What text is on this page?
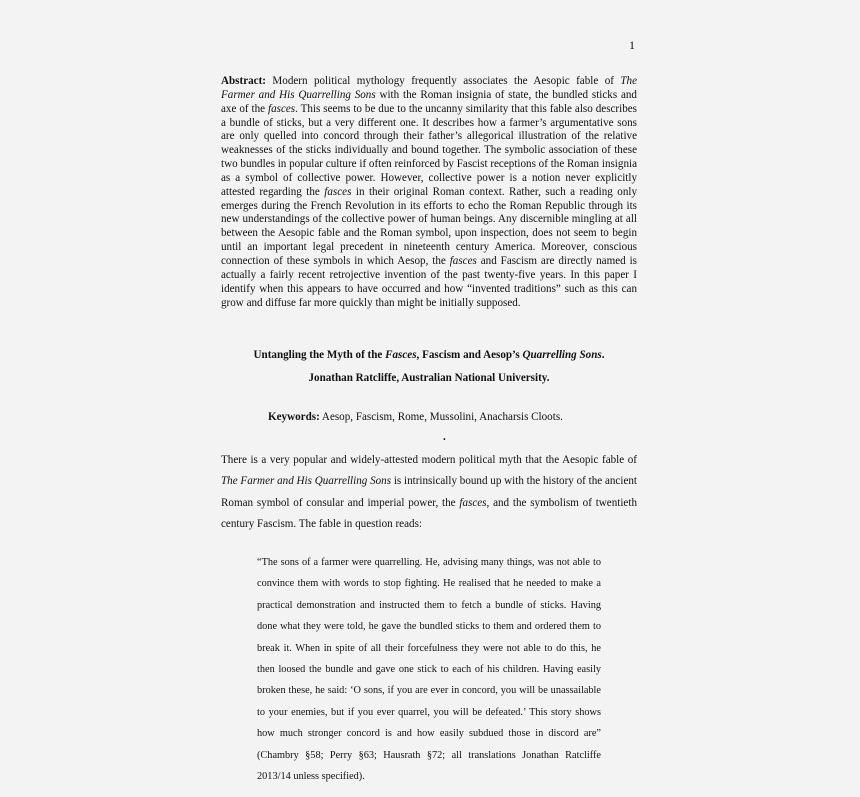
1

Abstract: Modern political mythology frequently associates the Aesopic fable of The Farmer and His Quarrelling Sons with the Roman insignia of state, the bundled sticks and axe of the fasces. This seems to be due to the uncanny similarity that this fable also describes a bundle of sticks, but a very different one. It describes how a farmer’s argumentative sons are only quelled into concord through their father’s allegorical illustration of the relative weaknesses of the sticks individually and bound together. The symbolic association of these two bundles in popular culture if often reinforced by Fascist receptions of the Roman insignia as a symbol of collective power. However, collective power is a notion never explicitly attested regarding the fasces in their original Roman context. Rather, such a reading only emerges during the French Revolution in its efforts to echo the Roman Republic through its new understandings of the collective power of human beings. Any discernible mingling at all between the Aesopic fable and the Roman symbol, upon inspection, does not seem to begin until an important legal precedent in nineteenth century America. Moreover, conscious connection of these symbols in which Aesop, the fasces and Fascism are directly named is actually a fairly recent retrojective invention of the past twenty-five years. In this paper I identify when this appears to have occurred and how “invented traditions” such as this can grow and diffuse far more quickly than might be initially supposed.

Untangling the Myth of the Fasces, Fascism and Aesop’s Quarrelling Sons.

Jonathan Ratcliffe, Australian National University.

Keywords: Aesop, Fascism, Rome, Mussolini, Anacharsis Cloots.

.

There is a very popular and widely-attested modern political myth that the Aesopic fable of The Farmer and His Quarrelling Sons is intrinsically bound up with the history of the ancient Roman symbol of consular and imperial power, the fasces, and the symbolism of twentieth century Fascism. The fable in question reads:

“The sons of a farmer were quarrelling. He, advising many things, was not able to convince them with words to stop fighting. He realised that he needed to make a practical demonstration and instructed them to fetch a bundle of sticks. Having done what they were told, he gave the bundled sticks to them and ordered them to break it. When in spite of all their forcefulness they were not able to do this, he then loosed the bundle and gave one stick to each of his children. Having easily broken these, he said: ‘O sons, if you are ever in concord, you will be unassailable to your enemies, but if you ever quarrel, you will be defeated.’ This story shows how much stronger concord is and how easily subdued those in discord are” (Chambry §58; Perry §63; Hausrath §72; all translations Jonathan Ratcliffe 2013/14 unless specified).
